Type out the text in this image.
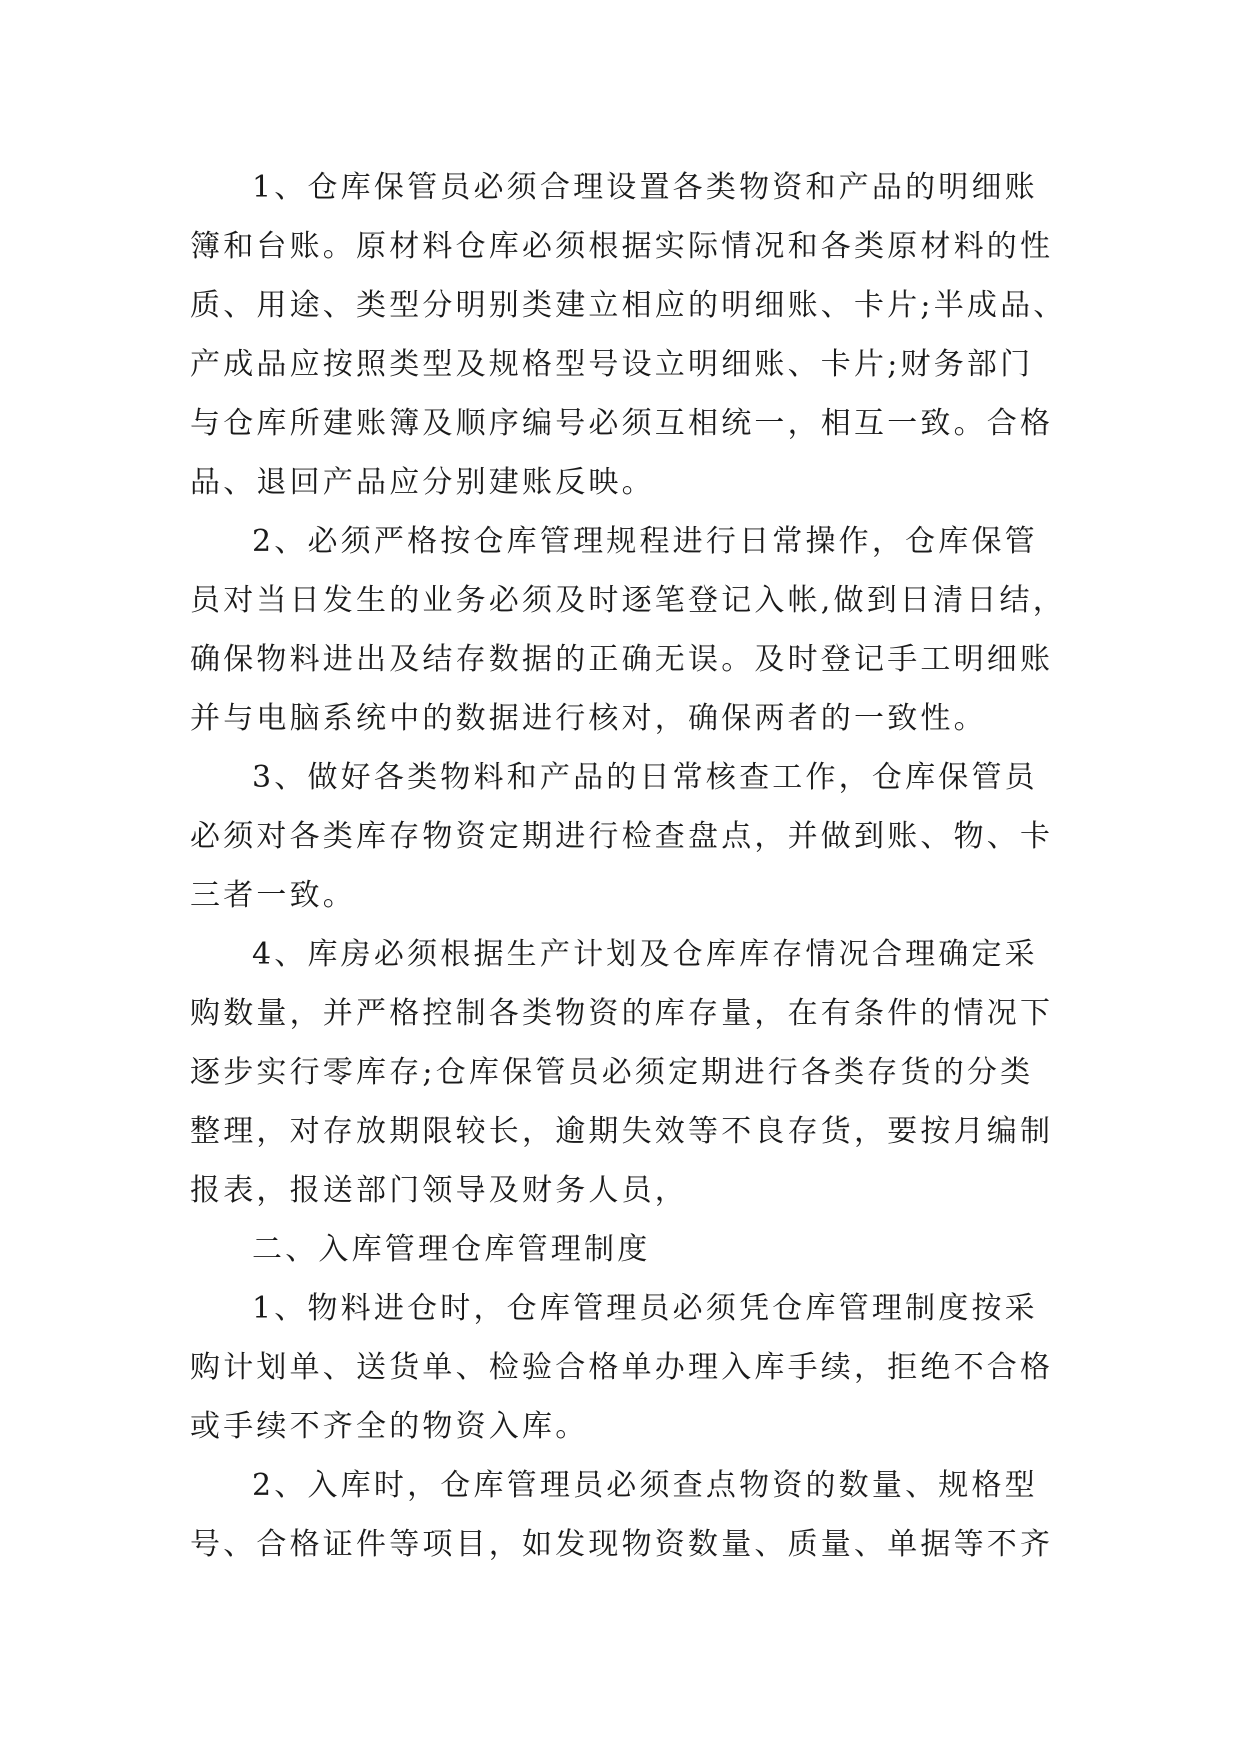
1、仓库保管员必须合理设置各类物资和产品的明细账
簿和台账。原材料仓库必须根据实际情况和各类原材料的性
质、用途、类型分明别类建立相应的明细账、卡片;半成品、
产成品应按照类型及规格型号设立明细账、卡片;财务部门
与仓库所建账簿及顺序编号必须互相统一，相互一致。合格
品、退回产品应分别建账反映。
2、必须严格按仓库管理规程进行日常操作，仓库保管
员对当日发生的业务必须及时逐笔登记入帐,做到日清日结，
确保物料进出及结存数据的正确无误。及时登记手工明细账
并与电脑系统中的数据进行核对，确保两者的一致性。
3、做好各类物料和产品的日常核查工作，仓库保管员
必须对各类库存物资定期进行检查盘点，并做到账、物、卡
三者一致。
4、库房必须根据生产计划及仓库库存情况合理确定采
购数量，并严格控制各类物资的库存量，在有条件的情况下
逐步实行零库存;仓库保管员必须定期进行各类存货的分类
整理，对存放期限较长，逾期失效等不良存货，要按月编制
报表，报送部门领导及财务人员，
二、入库管理仓库管理制度
1、物料进仓时，仓库管理员必须凭仓库管理制度按采
购计划单、送货单、检验合格单办理入库手续，拒绝不合格
或手续不齐全的物资入库。
2、入库时，仓库管理员必须查点物资的数量、规格型
号、合格证件等项目，如发现物资数量、质量、单据等不齐
